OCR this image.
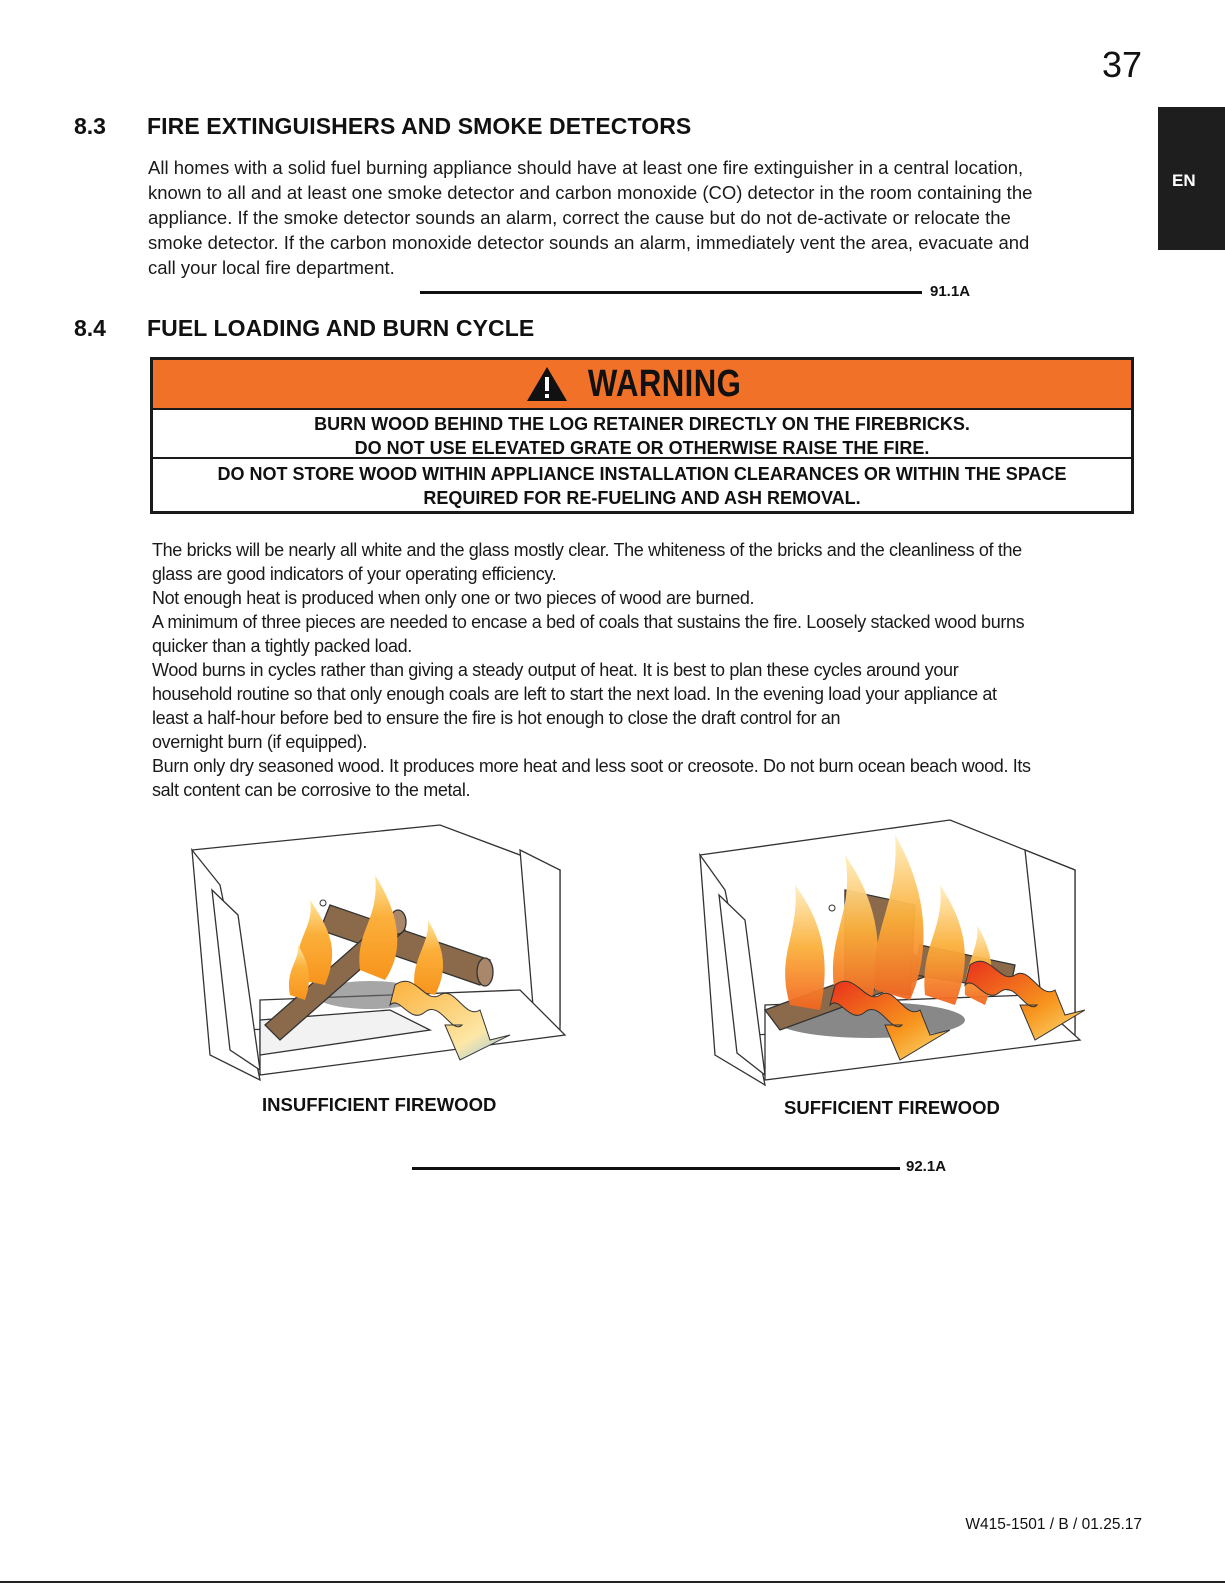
37
EN
8.3 FIRE EXTINGUISHERS AND SMOKE DETECTORS
All homes with a solid fuel burning appliance should have at least one fire extinguisher in a central location,
known to all and at least one smoke detector and carbon monoxide (CO) detector in the room containing the
appliance. If the smoke detector sounds an alarm, correct the cause but do not de-activate or relocate the
smoke detector. If the carbon monoxide detector sounds an alarm, immediately vent the area, evacuate and
call your local fire department.
91.1A
8.4 FUEL LOADING AND BURN CYCLE
WARNING
BURN WOOD BEHIND THE LOG RETAINER DIRECTLY ON THE FIREBRICKS.
DO NOT USE ELEVATED GRATE OR OTHERWISE RAISE THE FIRE.
DO NOT STORE WOOD WITHIN APPLIANCE INSTALLATION CLEARANCES OR WITHIN THE SPACE
REQUIRED FOR RE-FUELING AND ASH REMOVAL.
The bricks will be nearly all white and the glass mostly clear. The whiteness of the bricks and the cleanliness of the
glass are good indicators of your operating efficiency.
Not enough heat is produced when only one or two pieces of wood are burned.
A minimum of three pieces are needed to encase a bed of coals that sustains the fire. Loosely stacked wood burns
quicker than a tightly packed load.
Wood burns in cycles rather than giving a steady output of heat. It is best to plan these cycles around your
household routine so that only enough coals are left to start the next load. In the evening load your appliance at
least a half-hour before bed to ensure the fire is hot enough to close the draft control for an
overnight burn (if equipped).
Burn only dry seasoned wood. It produces more heat and less soot or creosote. Do not burn ocean beach wood. Its
salt content can be corrosive to the metal.
INSUFFICIENT FIREWOOD	SUFFICIENT FIREWOOD
92.1A
W415-1501 / B / 01.25.17
